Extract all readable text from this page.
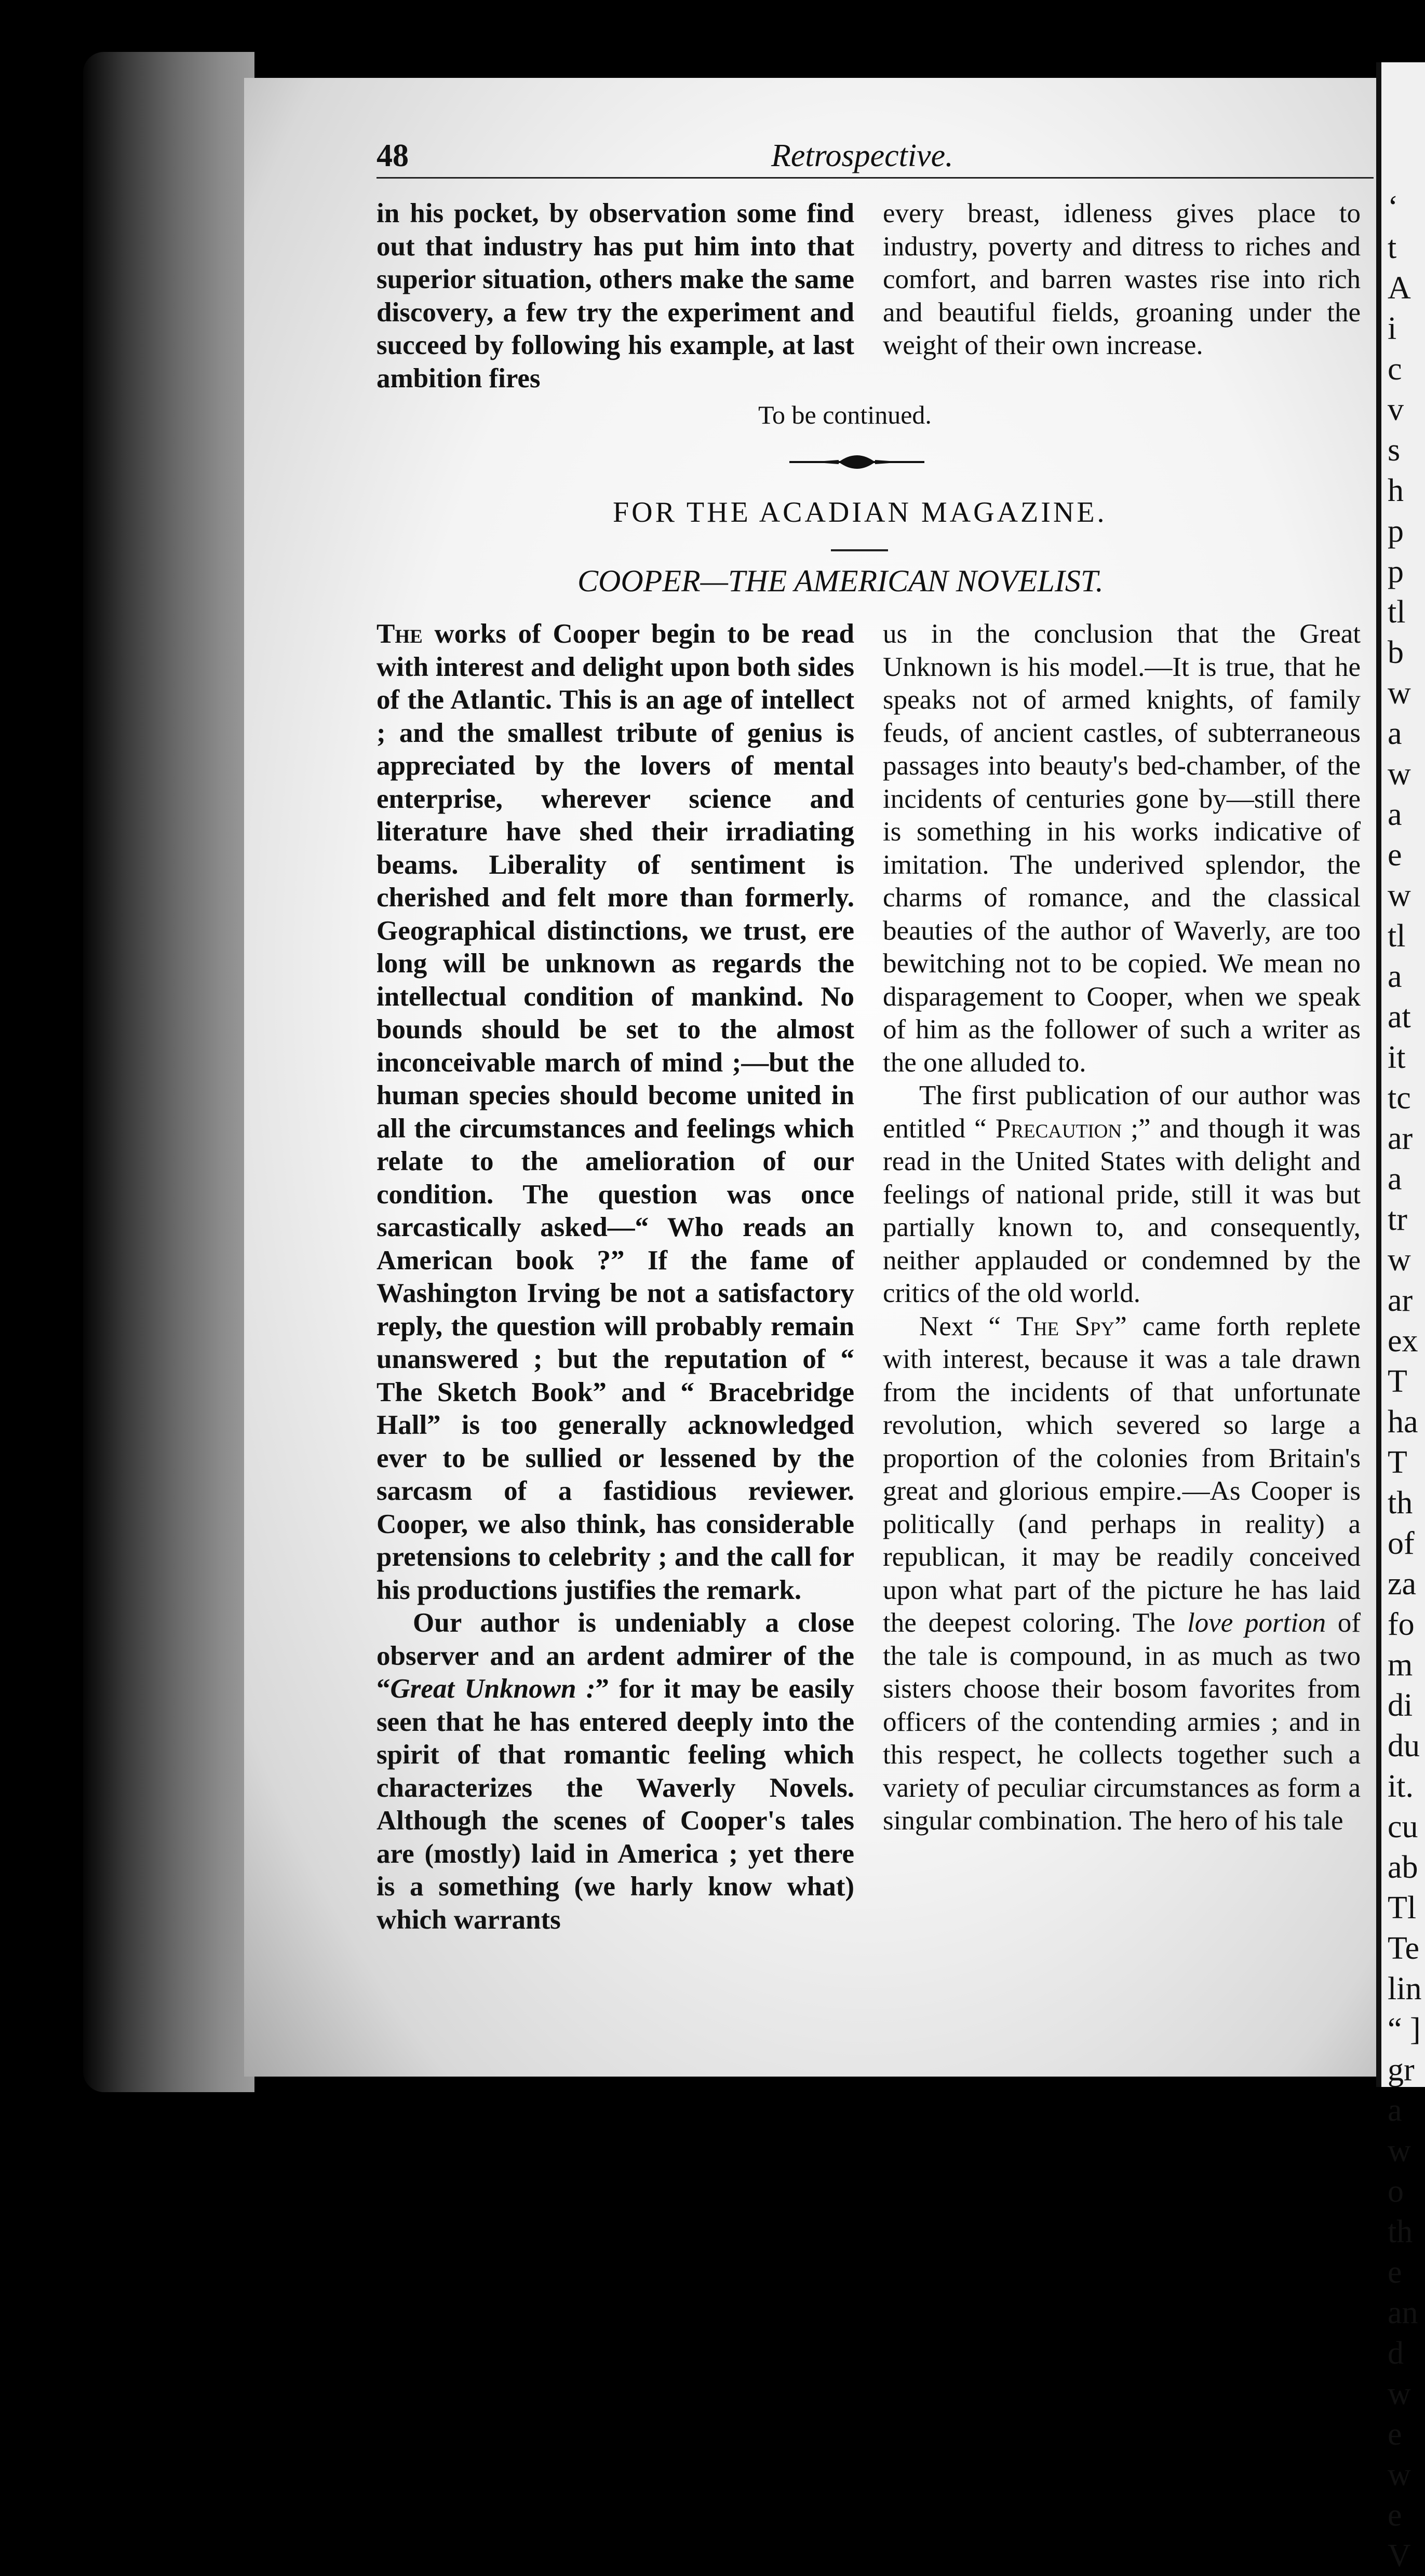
‘
t
A
i
c
v
s
h
p
p
tl
b
w
a
w
a
e
w
tl
a
at
it
tc
ar
a
tr
w
ar
ex
T
ha
T
th
of
za
fo
m
di
du
it.
cu
ab
Tl
Te
lin
“ ]
gra
wo
the
and
we
we
V
48	Retrospective.

in his pocket, by observation some find out that industry has put him into that superior situation, others make the same discovery, a few try the experiment and succeed by following his example, at last ambition fires

every breast, idleness gives place to industry, poverty and ditress to riches and comfort, and barren wastes rise into rich and beautiful fields, groaning under the weight of their own increase.

To be continued.
FOR THE ACADIAN MAGAZINE.
COOPER—THE AMERICAN NOVELIST.

The works of Cooper begin to be read with interest and delight upon both sides of the Atlantic. This is an age of intellect ; and the smallest tribute of genius is appreciated by the lovers of mental enterprise, wherever science and literature have shed their irradiating beams. Liberality of sentiment is cherished and felt more than formerly. Geographical distinctions, we trust, ere long will be unknown as regards the intellectual condition of mankind. No bounds should be set to the almost inconceivable march of mind ;—but the human species should become united in all the circumstances and feelings which relate to the amelioration of our condition. The question was once sarcastically asked—“ Who reads an American book ?” If the fame of Washington Irving be not a satisfactory reply, the question will probably remain unanswered ; but the reputation of “ The Sketch Book” and “ Bracebridge Hall” is too generally acknowledged ever to be sullied or lessened by the sarcasm of a fastidious reviewer. Cooper, we also think, has considerable pretensions to celebrity ; and the call for his productions justifies the remark.

Our author is undeniably a close observer and an ardent admirer of the “Great Unknown :” for it may be easily seen that he has entered deeply into the spirit of that romantic feeling which characterizes the Waverly Novels. Although the scenes of Cooper's tales are (mostly) laid in America ; yet there is a something (we harly know what) which warrants

us in the conclusion that the Great Unknown is his model.—It is true, that he speaks not of armed knights, of family feuds, of ancient castles, of subterraneous passages into beauty's bed-chamber, of the incidents of centuries gone by—still there is something in his works indicative of imitation. The underived splendor, the charms of romance, and the classical beauties of the author of Waverly, are too bewitching not to be copied. We mean no disparagement to Cooper, when we speak of him as the follower of such a writer as the one alluded to.

The first publication of our author was entitled “ Precaution ;” and though it was read in the United States with delight and feelings of national pride, still it was but partially known to, and consequently, neither applauded or condemned by the critics of the old world.

Next “ The Spy” came forth replete with interest, because it was a tale drawn from the incidents of that unfortunate revolution, which severed so large a proportion of the colonies from Britain's great and glorious empire.—As Cooper is politically (and perhaps in reality) a republican, it may be readily conceived upon what part of the picture he has laid the deepest coloring. The love portion of the tale is compound, in as much as two sisters choose their bosom favorites from officers of the contending armies ; and in this respect, he collects together such a variety of peculiar circumstances as form a singular combination. The hero of his tale
